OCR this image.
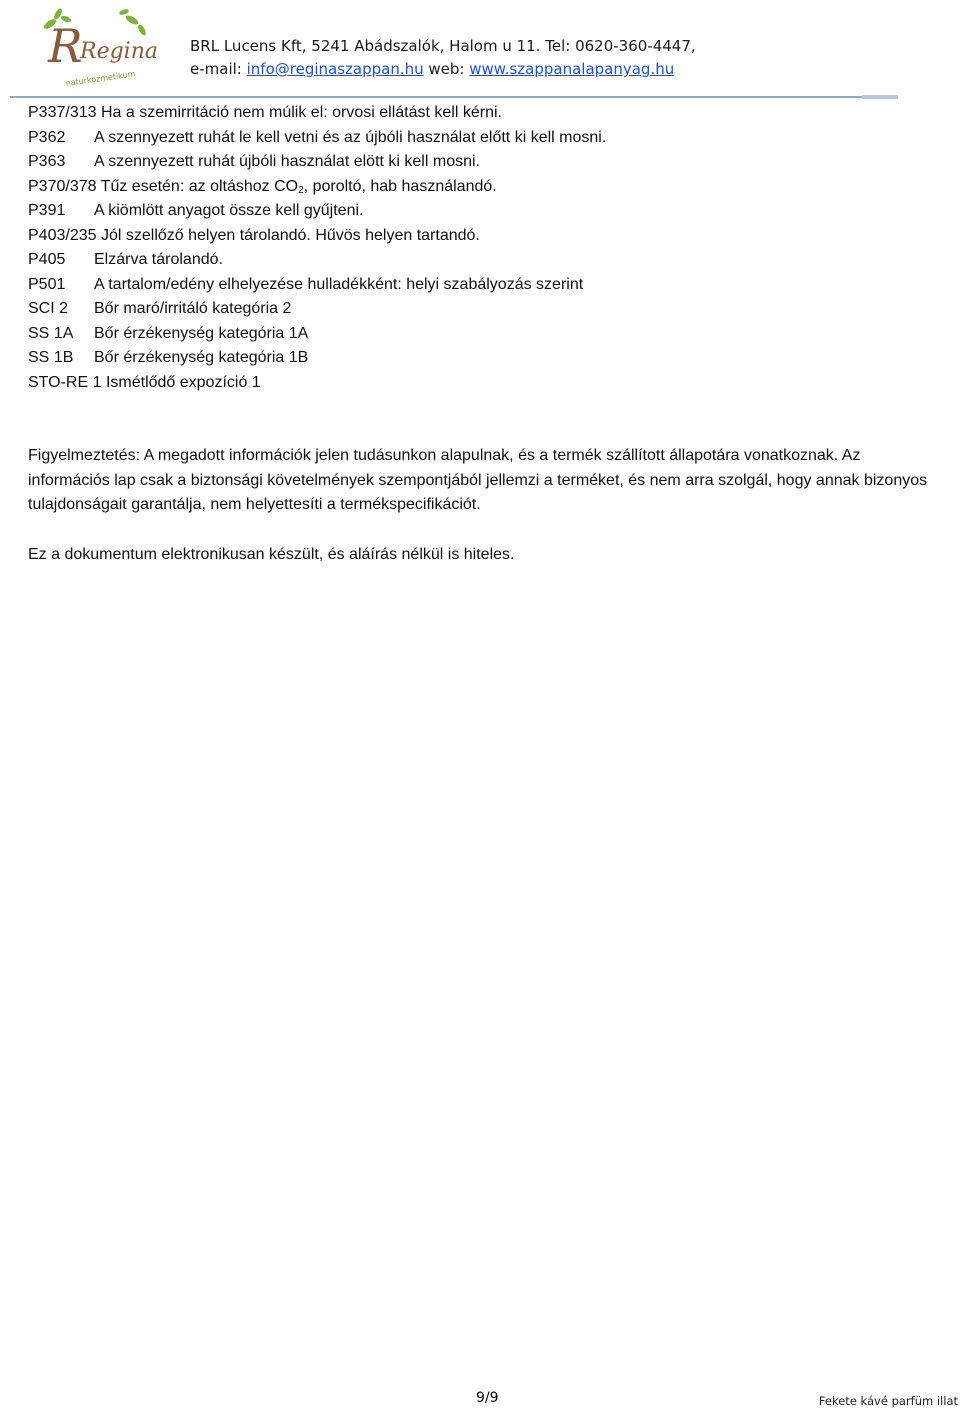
R
Regina
naturkozmetikum
BRL Lucens Kft, 5241 Abádszalók, Halom u 11. Tel: 0620-360-4447,
e-mail: info@reginaszappan.hu web: www.szappanalapanyag.hu
P337/313 Ha a szemirritáció nem múlik el: orvosi ellátást kell kérni.
P362 A szennyezett ruhát le kell vetni és az újbóli használat előtt ki kell mosni.
P363 A szennyezett ruhát újbóli használat elött ki kell mosni.
P370/378 Tűz esetén: az oltáshoz $CO_2$, poroltó, hab használandó.
P391 A kiömlött anyagot össze kell gyűjteni.
P403/235 Jól szellőző helyen tárolandó. Hűvös helyen tartandó.
P405 Elzárva tárolandó.
P501 A tartalom/edény elhelyezése hulladékként: helyi szabályozás szerint
SCI 2 Bőr maró/irritáló kategória 2
SS 1A Bőr érzékenység kategória 1A
SS 1B Bőr érzékenység kategória 1B
STO-RE 1 Ismétlődő expozíció 1
Figyelmeztetés: A megadott információk jelen tudásunkon alapulnak, és a termék szállított állapotára vonatkoznak. Az információs lap csak a biztonsági követelmények szempontjából jellemzi a terméket, és nem arra szolgál, hogy annak bizonyos tulajdonságait garantálja, nem helyettesíti a termékspecifikációt.
Ez a dokumentum elektronikusan készült, és aláírás nélkül is hiteles.
9/9	Fekete kávé parfüm illat
